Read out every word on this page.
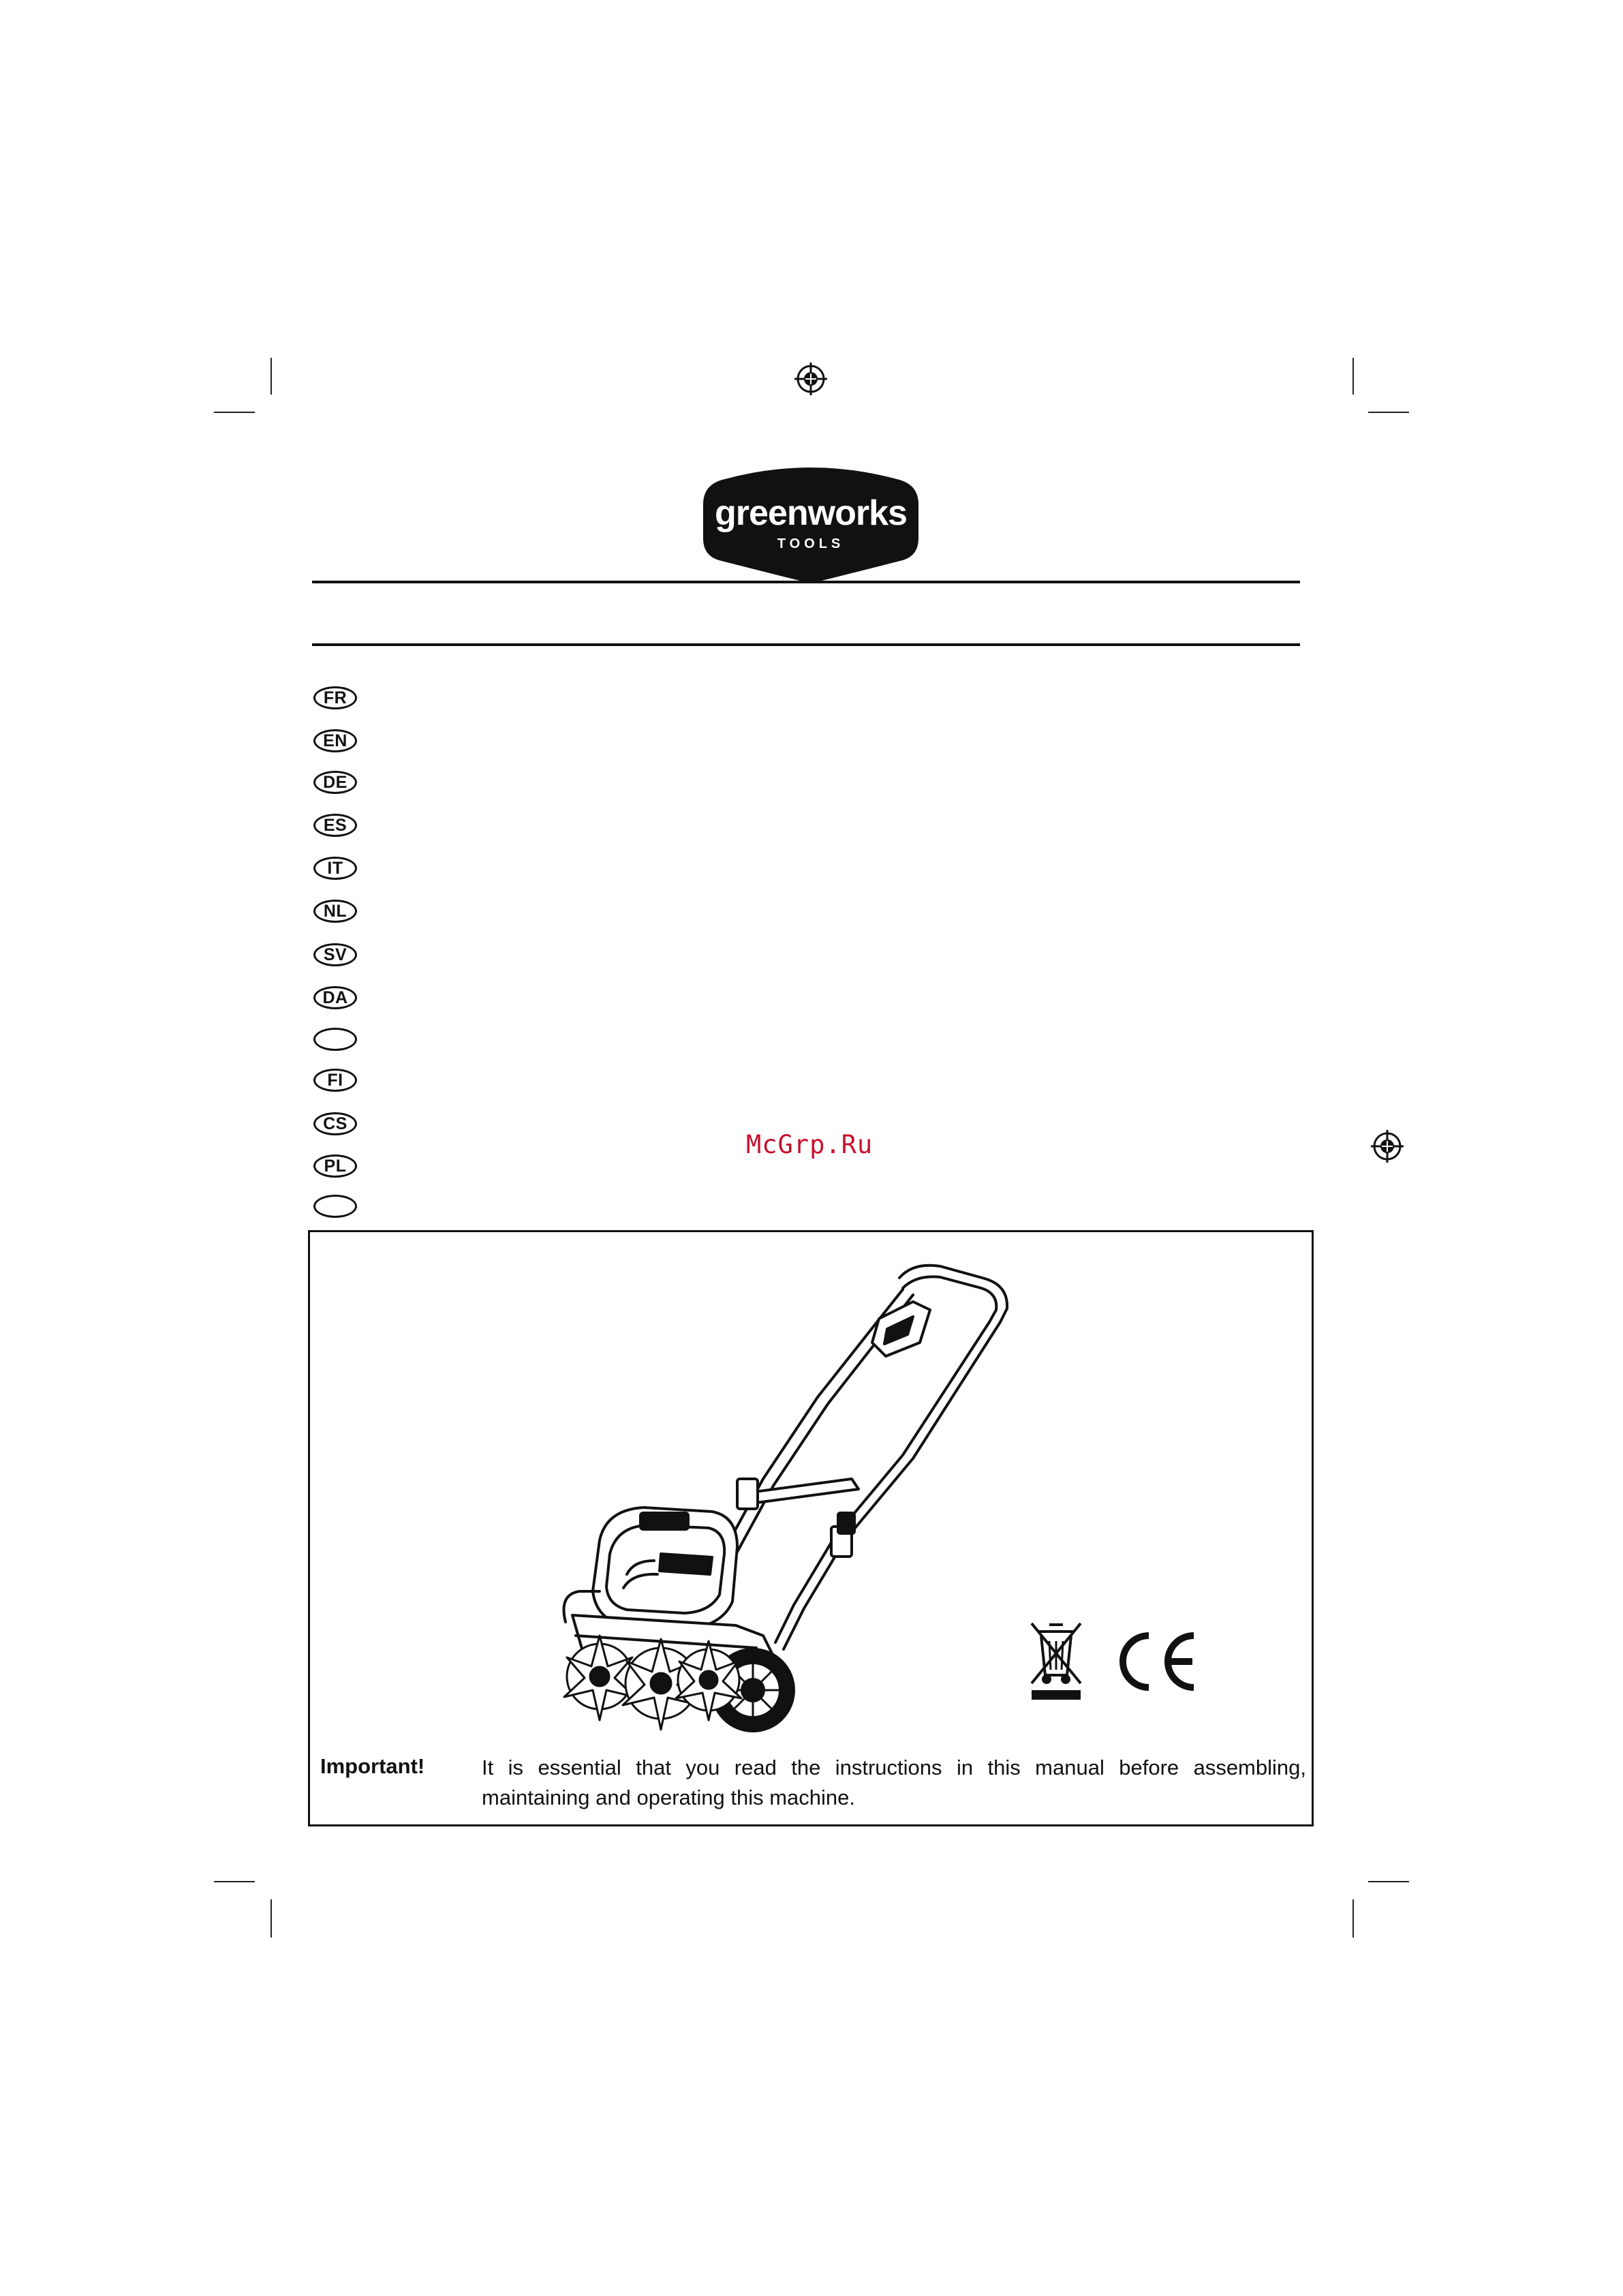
greenworks
TOOLS
FR
EN
DE
ES
IT
NL
SV
DA
FI
CS
PL
McGrp.Ru
Important!	It is essential that you read the instructions in this manual before assembling, maintaining and operating this machine.
